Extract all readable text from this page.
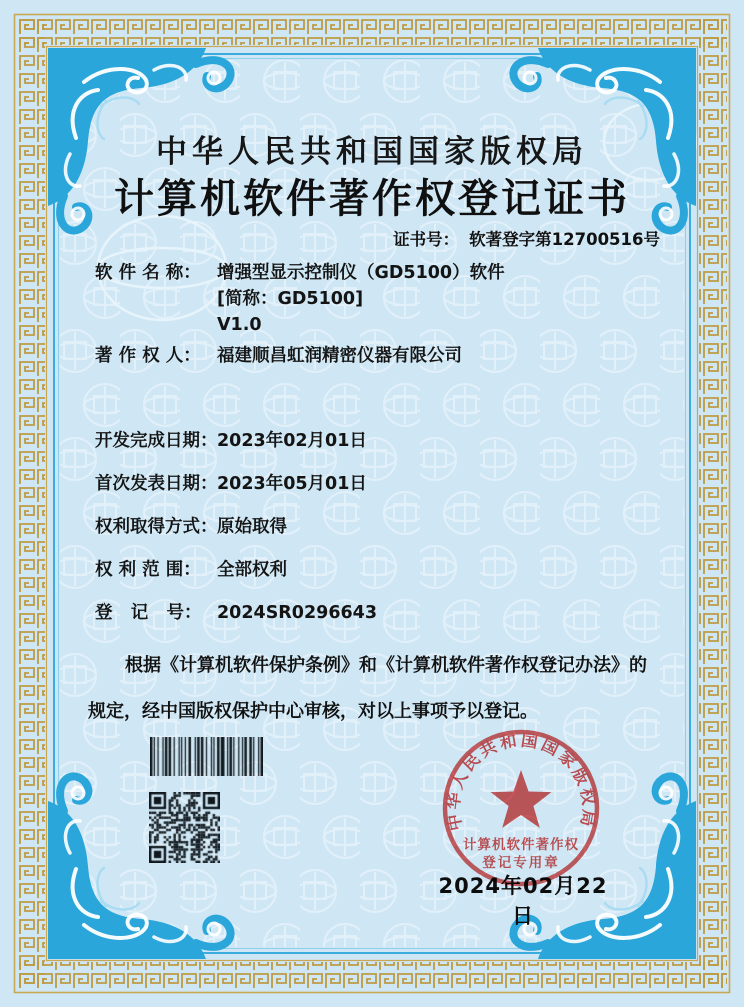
中华人民共和国国家版权局
计算机软件著作权登记证书
证书号： 软著登字第12700516号
软 件 名 称： 增强型显示控制仪（GD5100）软件
[简称：GD5100]
V1.0
著 作 权 人： 福建顺昌虹润精密仪器有限公司
开发完成日期： 2023年02月01日
首次发表日期： 2023年05月01日
权利取得方式： 原始取得
权 利 范 围： 全部权利
登   记   号： 2024SR0296643
根据《计算机软件保护条例》和《计算机软件著作权登记办法》的
规定，经中国版权保护中心审核，对以上事项予以登记。
2024年02月22日
中华人民共和国国家版权局
计算机软件著作权
登记专用章
